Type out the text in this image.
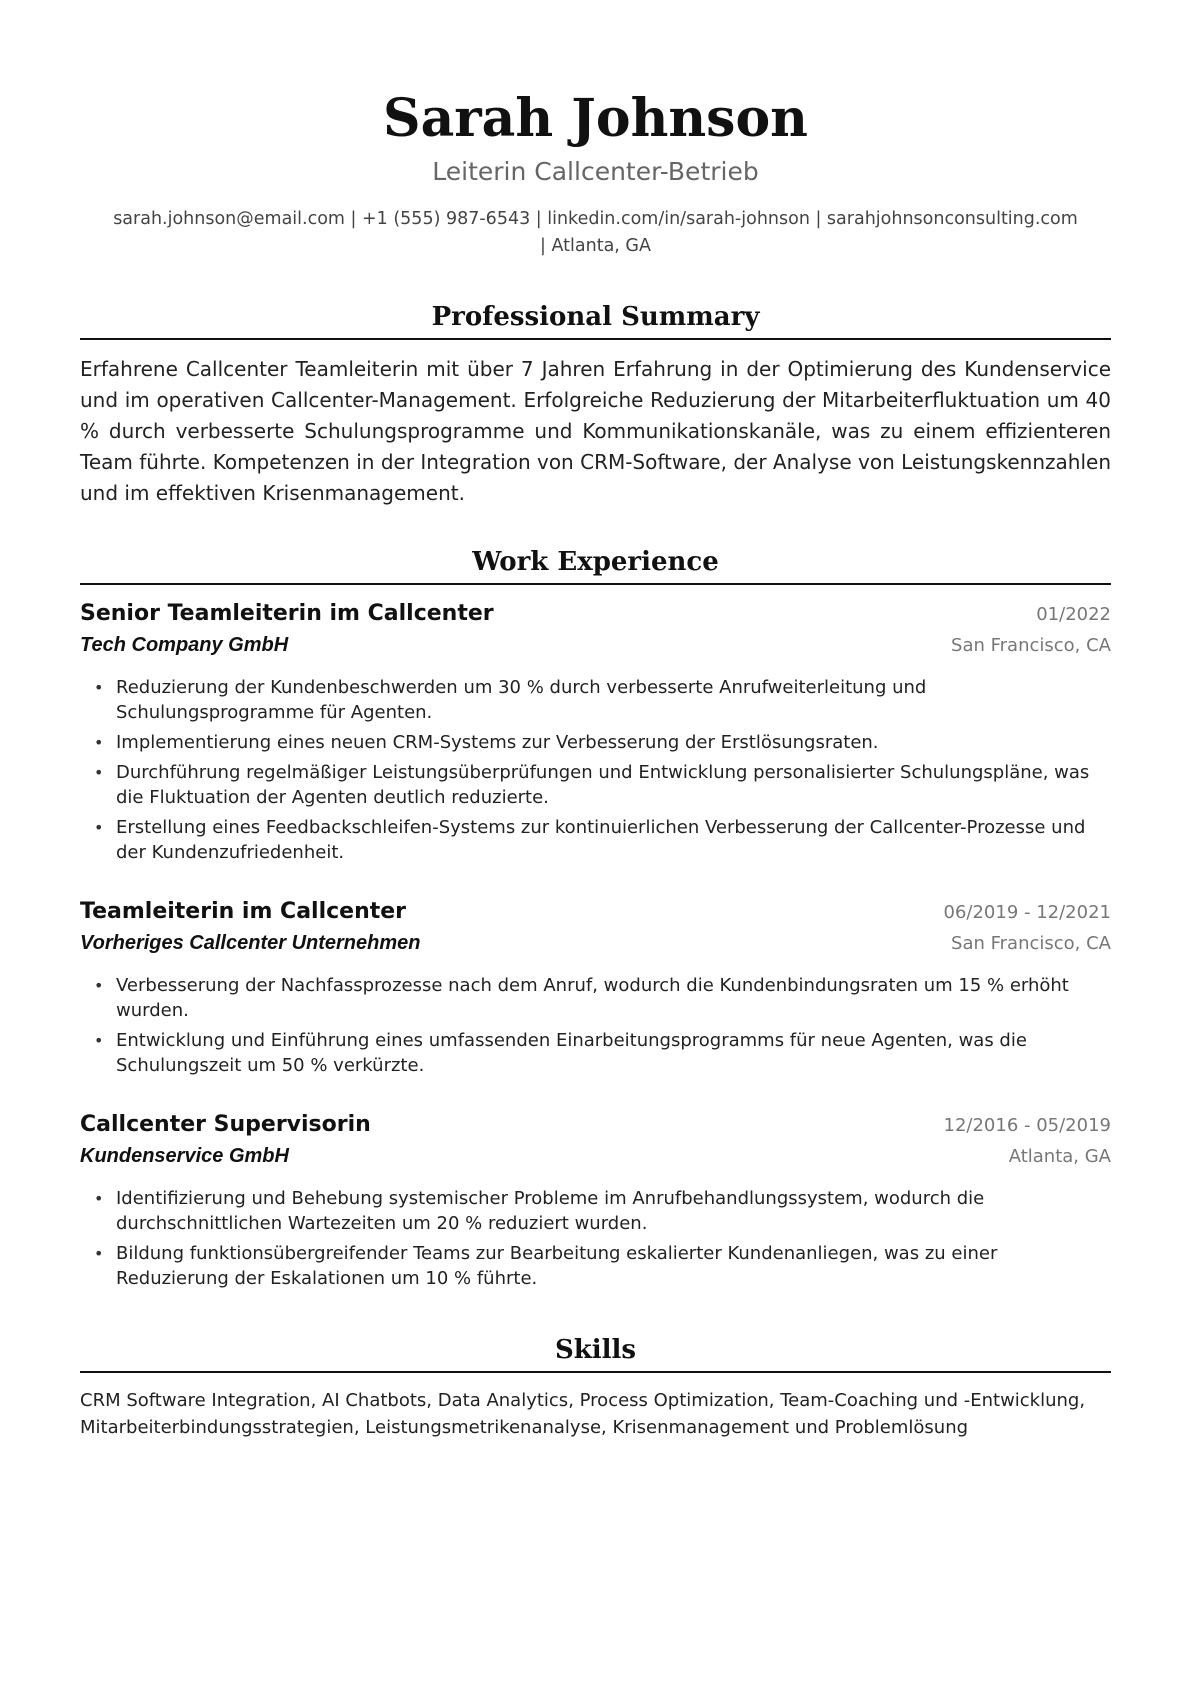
Sarah Johnson
Leiterin Callcenter-Betrieb
sarah.johnson@email.com | +1 (555) 987-6543 | linkedin.com/in/sarah-johnson | sarahjohnsonconsulting.com
| Atlanta, GA
Professional Summary
Erfahrene Callcenter Teamleiterin mit über 7 Jahren Erfahrung in der Optimierung des Kundenservice und im operativen Callcenter-Management. Erfolgreiche Reduzierung der Mitarbeiterfluktuation um 40 % durch verbesserte Schulungsprogramme und Kommunikationskanäle, was zu einem effizienteren Team führte. Kompetenzen in der Integration von CRM-Software, der Analyse von Leistungskennzahlen und im effektiven Krisenmanagement.
Work Experience
Senior Teamleiterin im Callcenter	01/2022
Tech Company GmbH	San Francisco, CA
• Reduzierung der Kundenbeschwerden um 30 % durch verbesserte Anrufweiterleitung und Schulungsprogramme für Agenten.
• Implementierung eines neuen CRM-Systems zur Verbesserung der Erstlösungsraten.
• Durchführung regelmäßiger Leistungsüberprüfungen und Entwicklung personalisierter Schulungspläne, was die Fluktuation der Agenten deutlich reduzierte.
• Erstellung eines Feedbackschleifen-Systems zur kontinuierlichen Verbesserung der Callcenter-Prozesse und der Kundenzufriedenheit.
Teamleiterin im Callcenter	06/2019 - 12/2021
Vorheriges Callcenter Unternehmen	San Francisco, CA
• Verbesserung der Nachfassprozesse nach dem Anruf, wodurch die Kundenbindungsraten um 15 % erhöht wurden.
• Entwicklung und Einführung eines umfassenden Einarbeitungsprogramms für neue Agenten, was die Schulungszeit um 50 % verkürzte.
Callcenter Supervisorin	12/2016 - 05/2019
Kundenservice GmbH	Atlanta, GA
• Identifizierung und Behebung systemischer Probleme im Anrufbehandlungssystem, wodurch die durchschnittlichen Wartezeiten um 20 % reduziert wurden.
• Bildung funktionsübergreifender Teams zur Bearbeitung eskalierter Kundenanliegen, was zu einer Reduzierung der Eskalationen um 10 % führte.
Skills
CRM Software Integration, AI Chatbots, Data Analytics, Process Optimization, Team-Coaching und -Entwicklung, Mitarbeiterbindungsstrategien, Leistungsmetrikenanalyse, Krisenmanagement und Problemlösung
